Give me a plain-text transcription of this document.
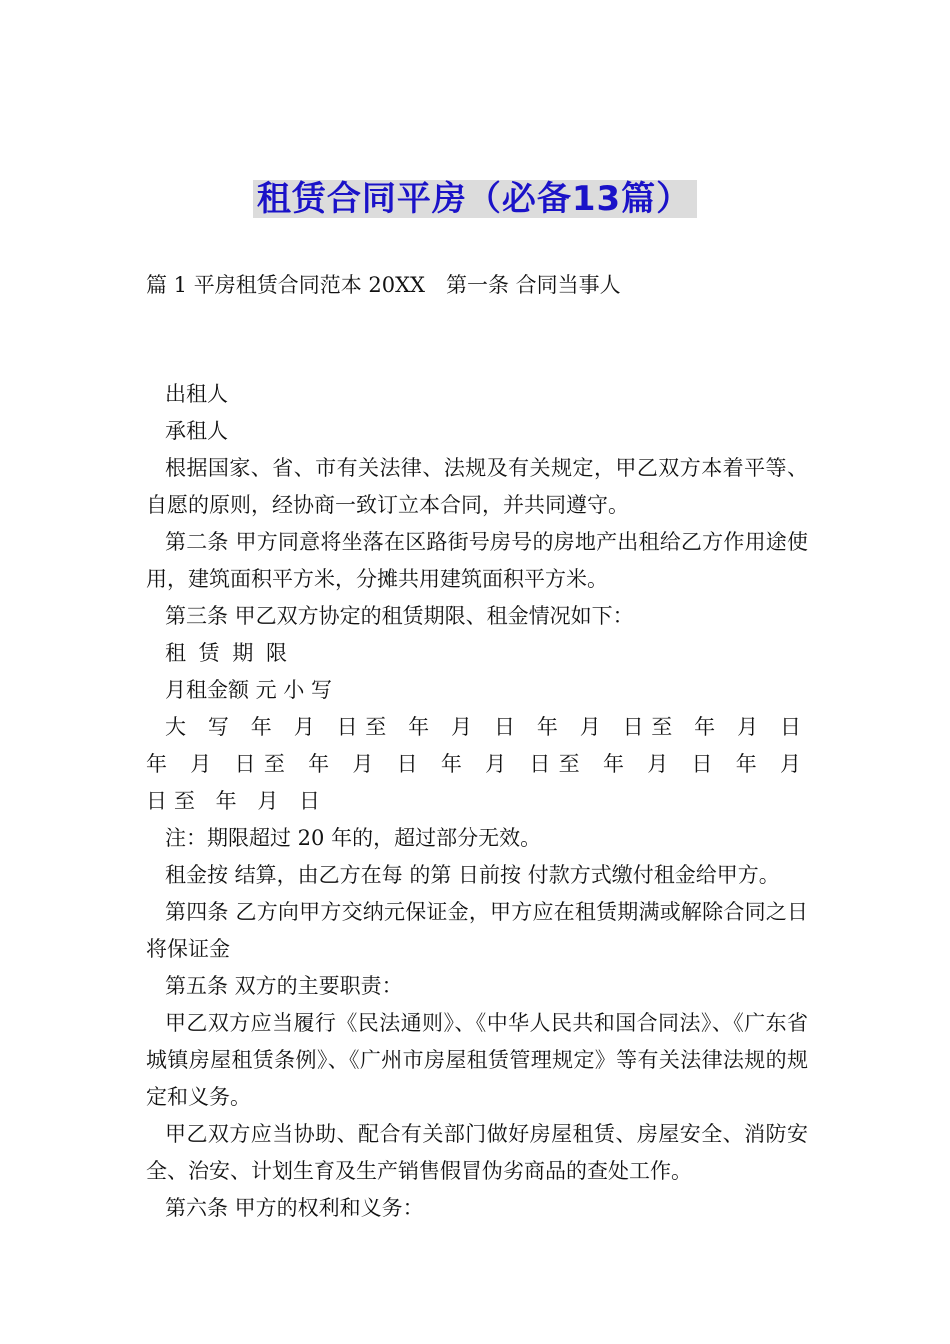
租赁合同平房（必备13篇）
篇 1 平房租赁合同范本 20XX　第一条 合同当事人

出租人

承租人

根据国家、省、市有关法律、法规及有关规定，甲乙双方本着平等、自愿的原则，经协商一致订立本合同，并共同遵守。

第二条 甲方同意将坐落在区路街号房号的房地产出租给乙方作用途使用，建筑面积平方米，分摊共用建筑面积平方米。

第三条 甲乙双方协定的租赁期限、租金情况如下：

租 赁 期 限

月租金额 元 小 写

大 写 年 月 日至 年 月 日 年 月 日至 年 月 日 年 月 日至 年 月 日 年 月 日至 年 月 日 年 月 日至 年 月 日

注：期限超过 20 年的，超过部分无效。

租金按 结算，由乙方在每 的第 日前按 付款方式缴付租金给甲方。

第四条 乙方向甲方交纳元保证金，甲方应在租赁期满或解除合同之日将保证金

第五条 双方的主要职责：

甲乙双方应当履行《民法通则》、《中华人民共和国合同法》、《广东省城镇房屋租赁条例》、《广州市房屋租赁管理规定》等有关法律法规的规定和义务。

甲乙双方应当协助、配合有关部门做好房屋租赁、房屋安全、消防安全、治安、计划生育及生产销售假冒伪劣商品的查处工作。

第六条 甲方的权利和义务：
